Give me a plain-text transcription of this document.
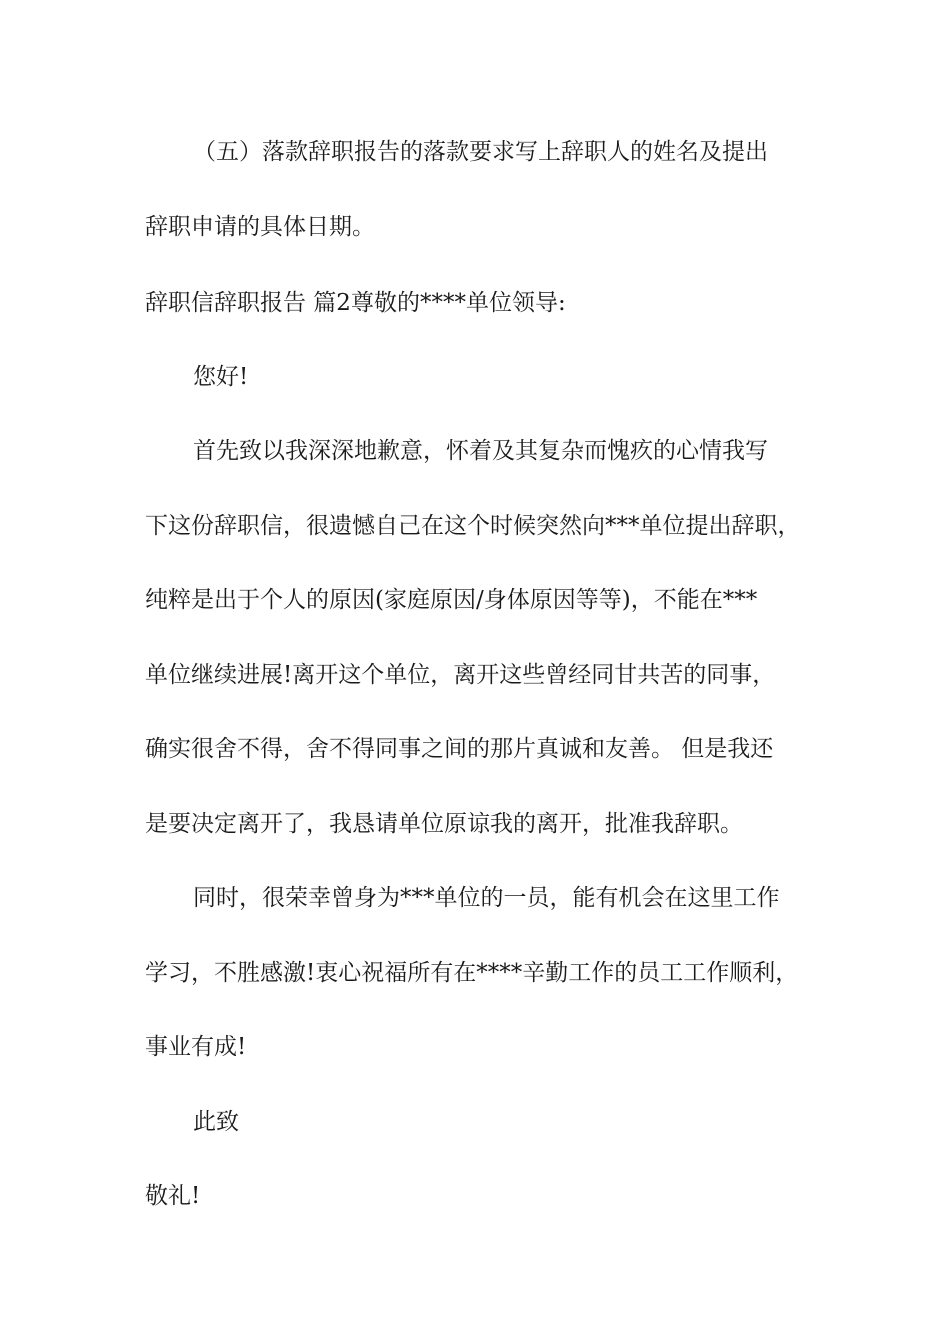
（五）落款辞职报告的落款要求写上辞职人的姓名及提出
辞职申请的具体日期。
辞职信辞职报告 篇2尊敬的****单位领导:
您好!
首先致以我深深地歉意，怀着及其复杂而愧疚的心情我写
下这份辞职信，很遗憾自己在这个时候突然向***单位提出辞职，
纯粹是出于个人的原因(家庭原因/身体原因等等)，不能在***
单位继续进展!离开这个单位，离开这些曾经同甘共苦的同事，
确实很舍不得，舍不得同事之间的那片真诚和友善。 但是我还
是要决定离开了，我恳请单位原谅我的离开，批准我辞职。
同时，很荣幸曾身为***单位的一员，能有机会在这里工作
学习，不胜感激!衷心祝福所有在****辛勤工作的员工工作顺利，
事业有成!
此致
敬礼!
